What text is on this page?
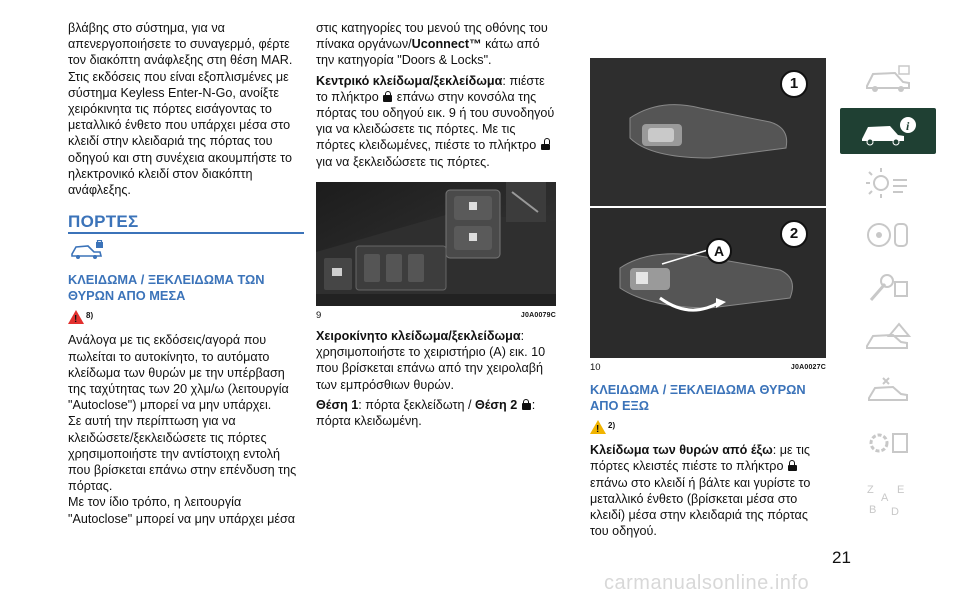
βλάβης στο σύστημα, για να απενεργοποιήσετε το συναγερμό, φέρτε τον διακόπτη ανάφλεξης στη θέση MAR. Στις εκδόσεις που είναι εξοπλισμένες με σύστημα Keyless Enter-N-Go, ανοίξτε χειρόκινητα τις πόρτες εισάγοντας το μεταλλικό ένθετο που υπάρχει μέσα στο κλειδί στην κλειδαριά της πόρτας του οδηγού και στη συνέχεια ακουμπήστε το ηλεκτρονικό κλειδί στον διακόπτη ανάφλεξης.

ΠΟΡΤΕΣ
ΚΛΕΙΔΩΜΑ / ΞΕΚΛΕΙΔΩΜΑ ΤΩΝ ΘΥΡΩΝ ΑΠΟ ΜΕΣΑ
!
8)

Ανάλογα με τις εκδόσεις/αγορά που πωλείται το αυτοκίνητο, το αυτόματο κλείδωμα των θυρών με την υπέρβαση της ταχύτητας των 20 χλμ/ω (λειτουργία "Autoclose") μπορεί να μην υπάρχει.

Σε αυτή την περίπτωση για να κλειδώσετε/ξεκλειδώσετε τις πόρτες χρησιμοποιήστε την αντίστοιχη εντολή που βρίσκεται επάνω στην επένδυση της πόρτας.

Με τον ίδιο τρόπο, η λειτουργία "Autoclose" μπορεί να μην υπάρχει μέσα

στις κατηγορίες του μενού της οθόνης του πίνακα οργάνων/Uconnect™ κάτω από την κατηγορία "Doors & Locks".

Κεντρικό κλείδωμα/ξεκλείδωμα: πιέστε το πλήκτρο επάνω στην κονσόλα της πόρτας του οδηγού εικ. 9 ή του συνοδηγού για να κλειδώσετε τις πόρτες. Με τις πόρτες κλειδωμένες, πιέστε το πλήκτρο
για να ξεκλειδώσετε τις πόρτες.

9	J0A0079C

Χειροκίνητο κλείδωμα/ξεκλείδωμα: χρησιμοποιήστε το χειριστήριο (A) εικ. 10 που βρίσκεται επάνω από την χειρολαβή των εμπρόσθιων θυρών.

Θέση 1: πόρτα ξεκλείδωτη / Θέση 2 : πόρτα κλειδωμένη.

1
2
A
10	J0A0027C
ΚΛΕΙΔΩΜΑ / ΞΕΚΛΕΙΔΩΜΑ ΘΥΡΩΝ ΑΠΟ ΕΞΩ
!
2)

Κλείδωμα των θυρών από έξω: με τις πόρτες κλειστές πιέστε το πλήκτρο
επάνω στο κλειδί ή βάλτε και γυρίστε το μεταλλικό ένθετο (βρίσκεται μέσα στο κλειδί) μέσα στην κλειδαριά της πόρτας του οδηγού.

i
Z
A
B D
E
21
carmanualsonline.info
